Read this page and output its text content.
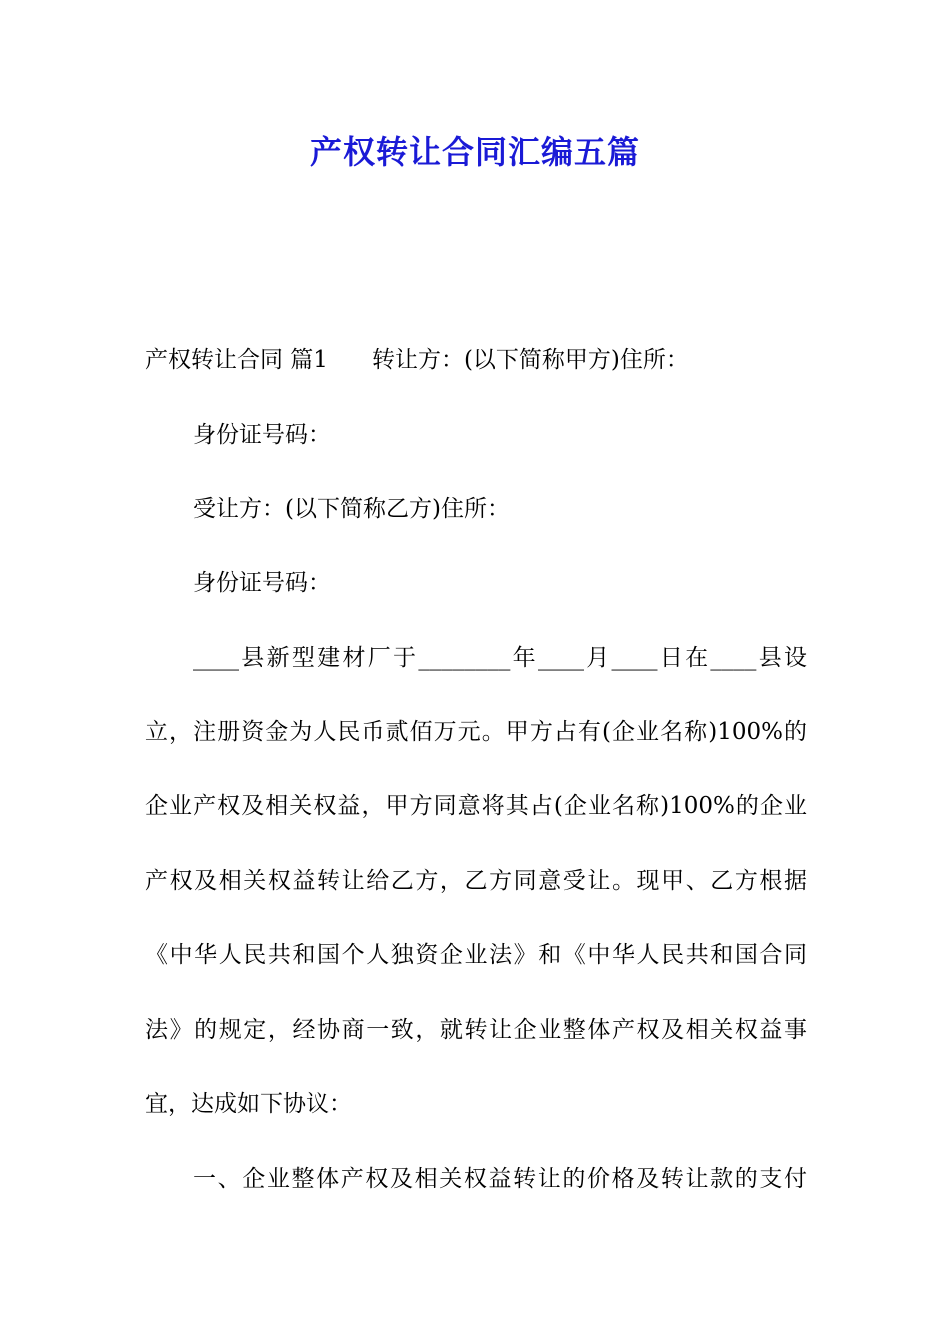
产权转让合同汇编五篇
产权转让合同 篇1 转让方：(以下简称甲方)住所：
身份证号码：
受让方：(以下简称乙方)住所：
身份证号码：
____县新型建材厂于________年____月____日在____县设
立，注册资金为人民币贰佰万元。甲方占有(企业名称)100%的
企业产权及相关权益，甲方同意将其占(企业名称)100%的企业
产权及相关权益转让给乙方，乙方同意受让。现甲、乙方根据
《中华人民共和国个人独资企业法》和《中华人民共和国合同
法》的规定，经协商一致，就转让企业整体产权及相关权益事
宜，达成如下协议：
一、企业整体产权及相关权益转让的价格及转让款的支付
